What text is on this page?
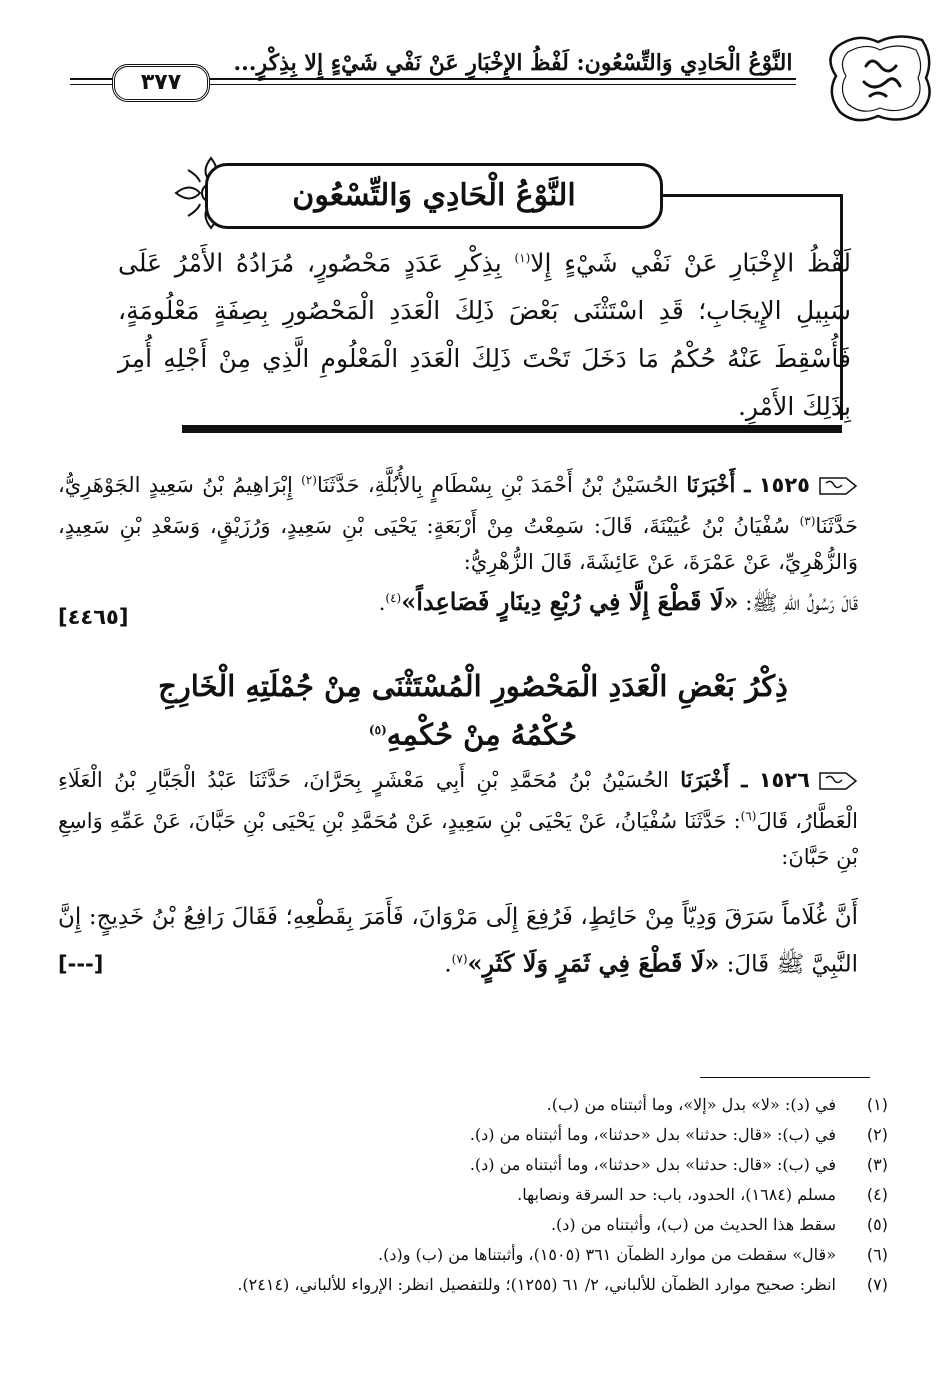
النَّوْعُ الْحَادِي وَالتِّسْعُون: لَفْظُ الإِخْبَارِ عَنْ نَفْي شَيْءٍ إِلا بِذِكْرٍ...
٣٧٧
النَّوْعُ الْحَادِي وَالتِّسْعُون
لَفْظُ الإِخْبَارِ عَنْ نَفْي شَيْءٍ إِلا$^{(١)}$ بِذِكْرِ عَدَدٍ مَحْصُورٍ، مُرَادُهُ الأَمْرُ عَلَى سَبِيلِ الإِيجَابِ؛ قَدِ اسْتَثْنَى بَعْضَ ذَلِكَ الْعَدَدِ الْمَحْصُورِ بِصِفَةٍ مَعْلُومَةٍ، فَأُسْقِطَ عَنْهُ حُكْمُ مَا دَخَلَ تَحْتَ ذَلِكَ الْعَدَدِ الْمَعْلُومِ الَّذِي مِنْ أَجْلِهِ أُمِرَ بِذَلِكَ الأَمْرِ.
١٥٢٥ ـ أَخْبَرَنَا الحُسَيْنُ بْنُ أَحْمَدَ بْنِ بِسْطَامٍ بِالأُبُلَّةِ، حَدَّثَنَا$^{(٢)}$ إِبْرَاهِيمُ بْنُ سَعِيدٍ الجَوْهَرِيُّ، حَدَّثَنَا$^{(٣)}$ سُفْيَانُ بْنُ عُيَيْنَةَ، قَالَ: سَمِعْتُ مِنْ أَرْبَعَةٍ: يَحْيَى بْنِ سَعِيدٍ، وَرُزَيْقٍ، وَسَعْدِ بْنِ سَعِيدٍ، وَالزُّهْرِيِّ، عَنْ عَمْرَةَ، عَنْ عَائِشَةَ، قَالَ الزُّهْرِيُّ:
قَالَ رَسُولُ اللهِ ﷺ: «لَا قَطْعَ إِلَّا فِي رُبْعِ دِينَارٍ فَصَاعِداً»$^{(٤)}$.
[٤٤٦٥]
ذِكْرُ بَعْضِ الْعَدَدِ الْمَحْصُورِ الْمُسْتَثْنَى مِنْ جُمْلَتِهِ الْخَارِجِ حُكْمُهُ مِنْ حُكْمِهِ$^{(٥)}$
١٥٢٦ ـ أَخْبَرَنَا الحُسَيْنُ بْنُ مُحَمَّدِ بْنِ أَبِي مَعْشَرٍ بِحَرَّانَ، حَدَّثَنَا عَبْدُ الْجَبَّارِ بْنُ الْعَلَاءِ الْعَطَّارُ، قَالَ$^{(٦)}$: حَدَّثَنَا سُفْيَانُ، عَنْ يَحْيَى بْنِ سَعِيدٍ، عَنْ مُحَمَّدِ بْنِ يَحْيَى بْنِ حَبَّانَ، عَنْ عَمِّهِ وَاسِعِ بْنِ حَبَّانَ:
أَنَّ غُلَاماً سَرَقَ وَدِيّاً مِنْ حَائِطٍ، فَرُفِعَ إِلَى مَرْوَانَ، فَأَمَرَ بِقَطْعِهِ؛ فَقَالَ رَافِعُ بْنُ خَدِيجٍ: إِنَّ النَّبِيَّ ﷺ قَالَ: «لَا قَطْعَ فِي ثَمَرٍ وَلَا كَثَرٍ»$^{(٧)}$.
[---]
(١)
في (د): «لا» بدل «إلا»، وما أثبتناه من (ب).
(٢)
في (ب): «قال: حدثنا» بدل «حدثنا»، وما أثبتناه من (د).
(٣)
في (ب): «قال: حدثنا» بدل «حدثنا»، وما أثبتناه من (د).
(٤)
مسلم (١٦٨٤)، الحدود، باب: حد السرقة ونصابها.
(٥)
سقط هذا الحديث من (ب)، وأثبتناه من (د).
(٦)
«قال» سقطت من موارد الظمآن ٣٦١ (١٥٠٥)، وأثبتناها من (ب) و(د).
(٧)
انظر: صحيح موارد الظمآن للألباني، ٢/ ٦١ (١٢٥٥)؛ وللتفصيل انظر: الإرواء للألباني، (٢٤١٤).
